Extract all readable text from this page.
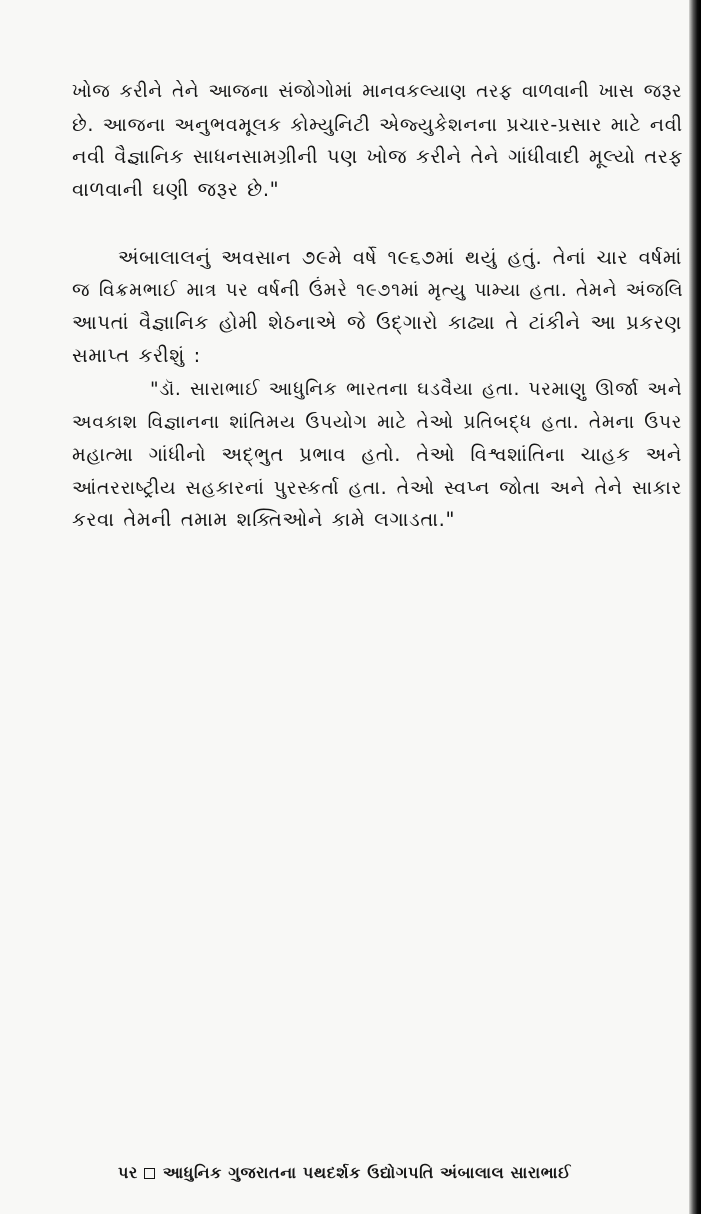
ખોજ કરીને તેને આજના સંજોગોમાં માનવકલ્યાણ તરફ વાળવાની ખાસ જરૂર
છે. આજના અનુભવમૂલક કોમ્યુનિટી એજ્યુકેશનના પ્રચાર-પ્રસાર માટે નવી
નવી વૈજ્ઞાનિક સાધનસામગ્રીની પણ ખોજ કરીને તેને ગાંધીવાદી મૂલ્યો તરફ
વાળવાની ઘણી જરૂર છે."
અંબાલાલનું અવસાન ૭૯મે વર્ષે ૧૯૬૭માં થયું હતું. તેનાં ચાર વર્ષમાં
જ વિક્રમભાઈ માત્ર પર વર્ષની ઉંમરે ૧૯૭૧માં મૃત્યુ પામ્યા હતા. તેમને અંજલિ
આપતાં વૈજ્ઞાનિક હોમી શેઠનાએ જે ઉદ્ગારો કાઢ્યા તે ટાંકીને આ પ્રકરણ
સમાપ્ત કરીશું :
"ડૉ. સારાભાઈ આધુનિક ભારતના ઘડવૈયા હતા. પરમાણુ ઊર્જા અને
અવકાશ વિજ્ઞાનના શાંતિમય ઉપયોગ માટે તેઓ પ્રતિબદ્ધ હતા. તેમના ઉપર
મહાત્મા ગાંધીનો અદ્ભુત પ્રભાવ હતો. તેઓ વિશ્વશાંતિના ચાહક અને
આંતરરાષ્ટ્રીય સહકારનાં પુરસ્કર્તા હતા. તેઓ સ્વપ્ન જોતા અને તેને સાકાર
કરવા તેમની તમામ શક્તિઓને કામે લગાડતા."
પર આધુનિક ગુજરાતના પથદર્શક ઉદ્યોગપતિ અંબાલાલ સારાભાઈ
